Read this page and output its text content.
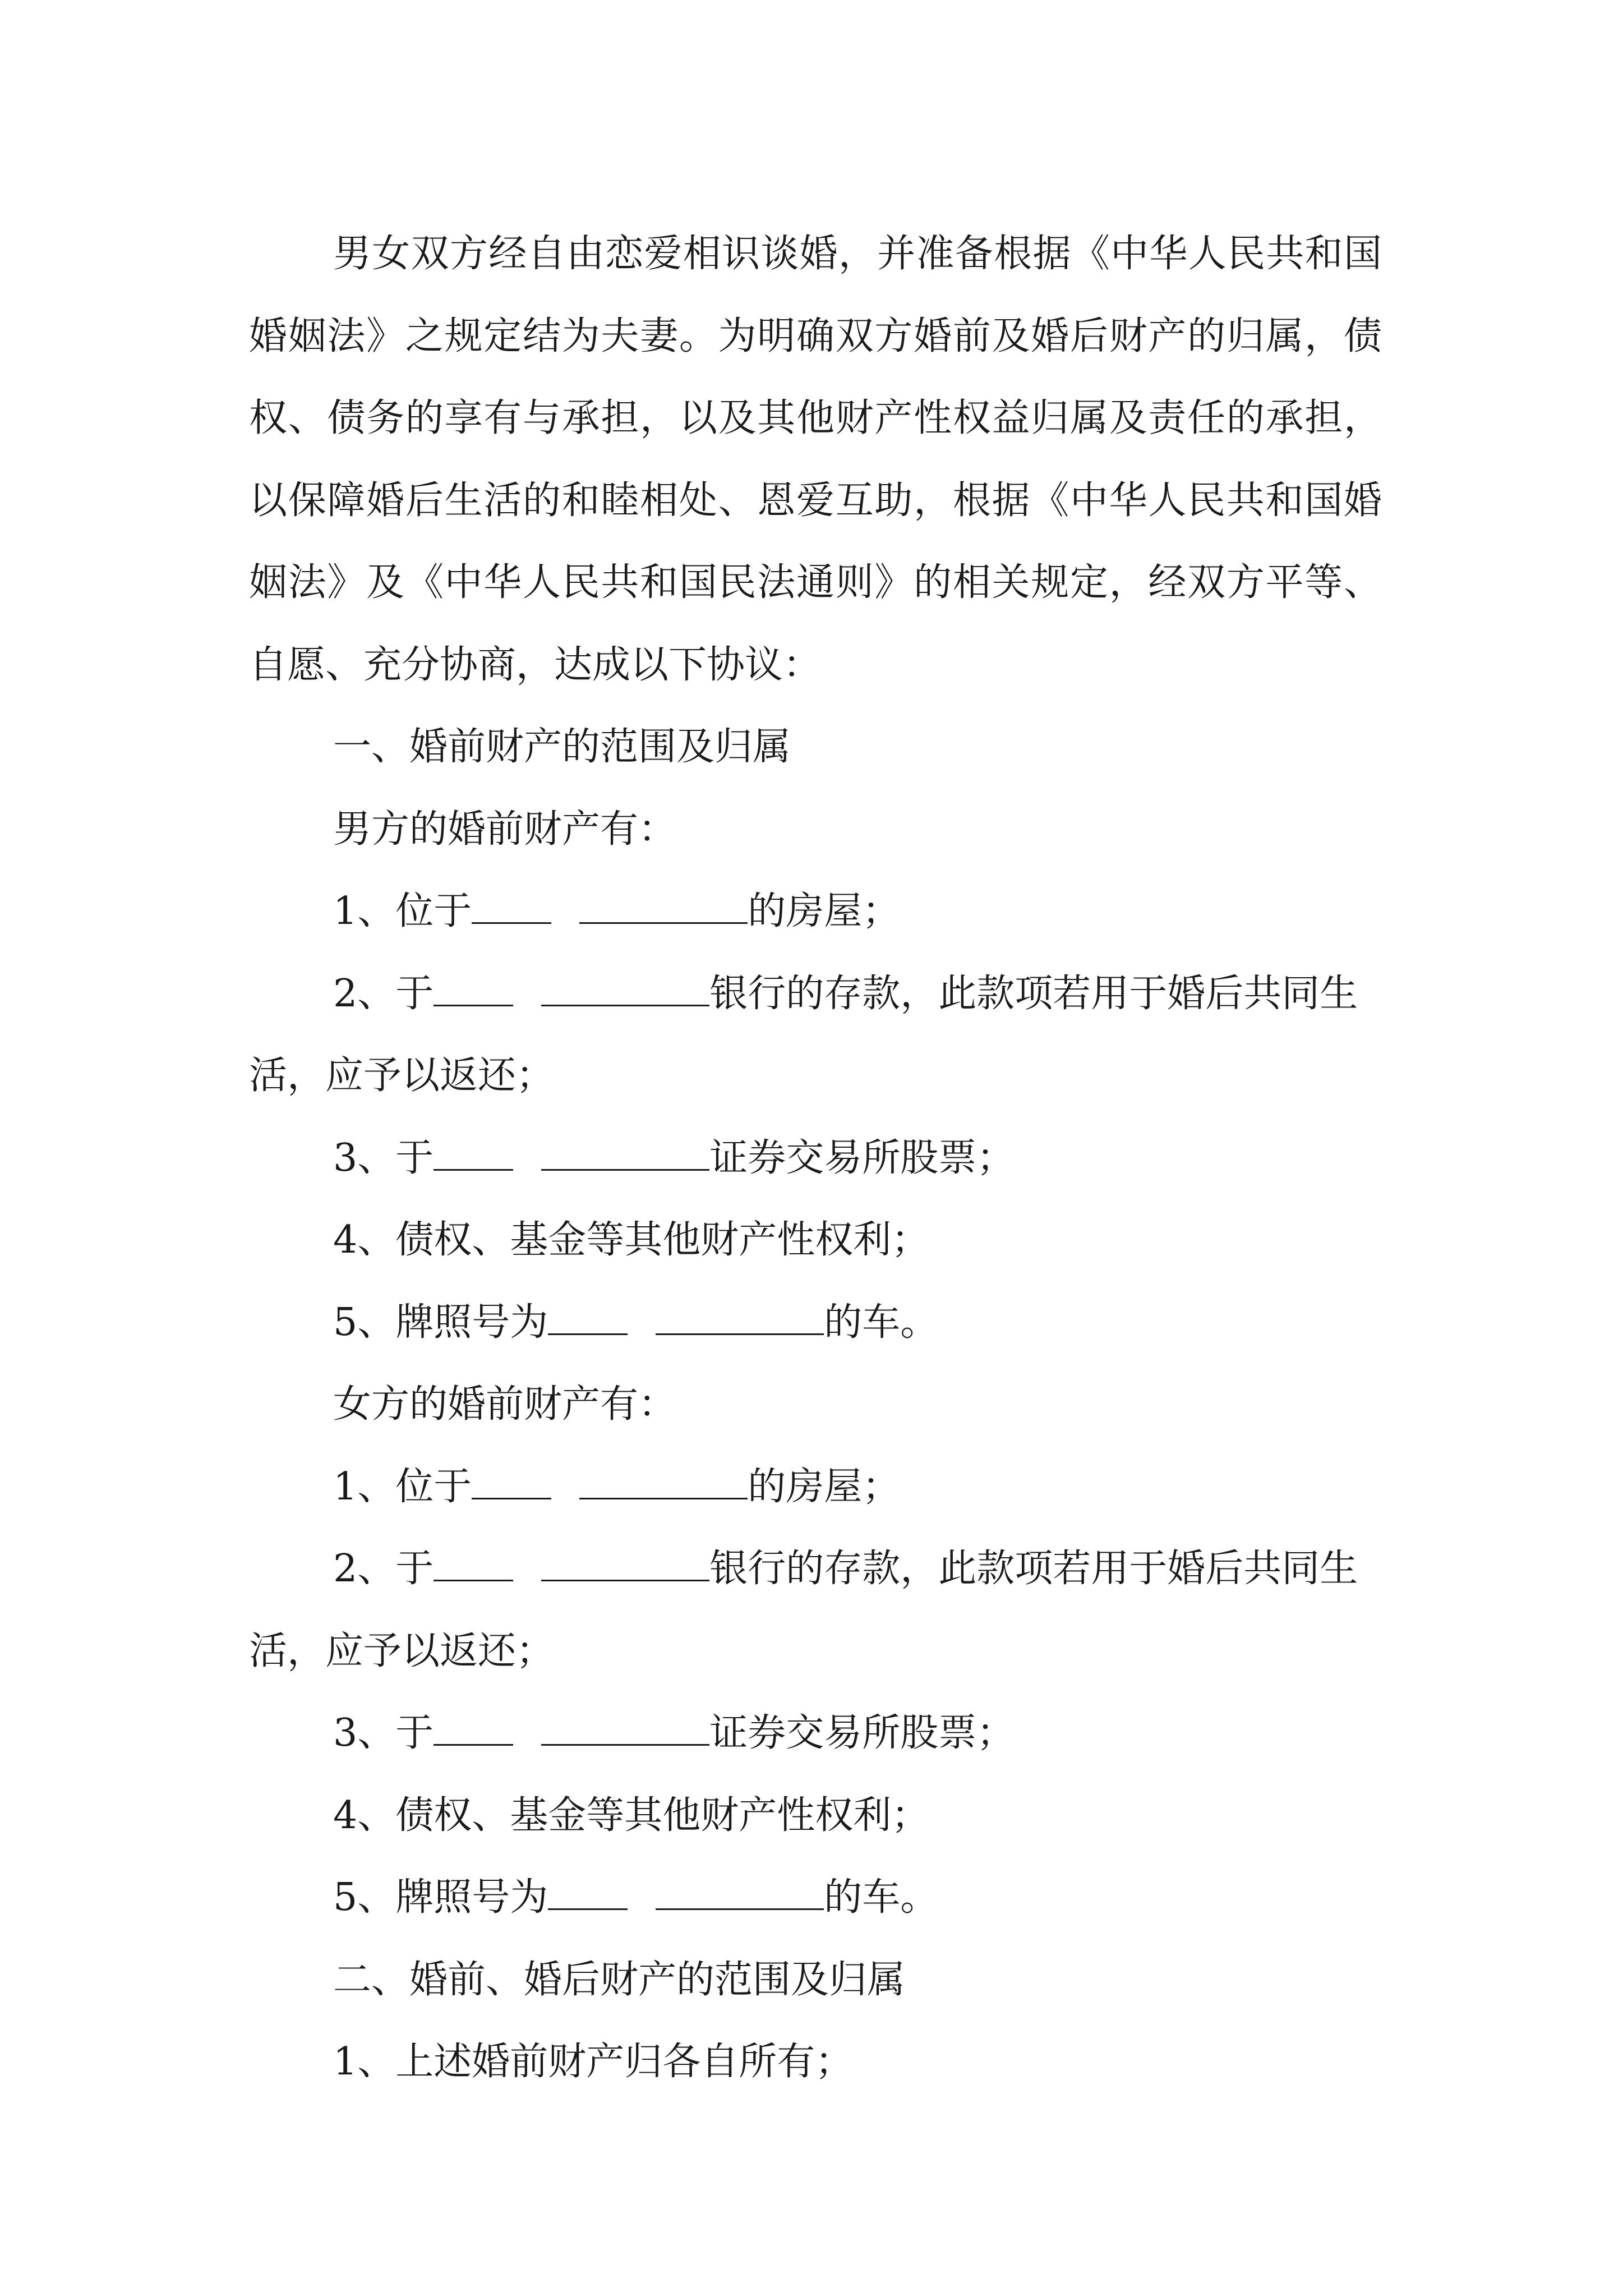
男女双方经自由恋爱相识谈婚，并准备根据《中华人民共和国婚姻法》之规定结为夫妻。为明确双方婚前及婚后财产的归属，债权、债务的享有与承担，以及其他财产性权益归属及责任的承担，以保障婚后生活的和睦相处、恩爱互助，根据《中华人民共和国婚姻法》及《中华人民共和国民法通则》的相关规定，经双方平等、自愿、充分协商，达成以下协议：

一、婚前财产的范围及归属

男方的婚前财产有：

1、位于	的房屋；

2、于	银行的存款，此款项若用于婚后共同生活，应予以返还；

3、于	证券交易所股票；

4、债权、基金等其他财产性权利；

5、牌照号为	的车。

女方的婚前财产有：

1、位于	的房屋；

2、于	银行的存款，此款项若用于婚后共同生活，应予以返还；

3、于	证券交易所股票；

4、债权、基金等其他财产性权利；

5、牌照号为	的车。

二、婚前、婚后财产的范围及归属

1、上述婚前财产归各自所有；
